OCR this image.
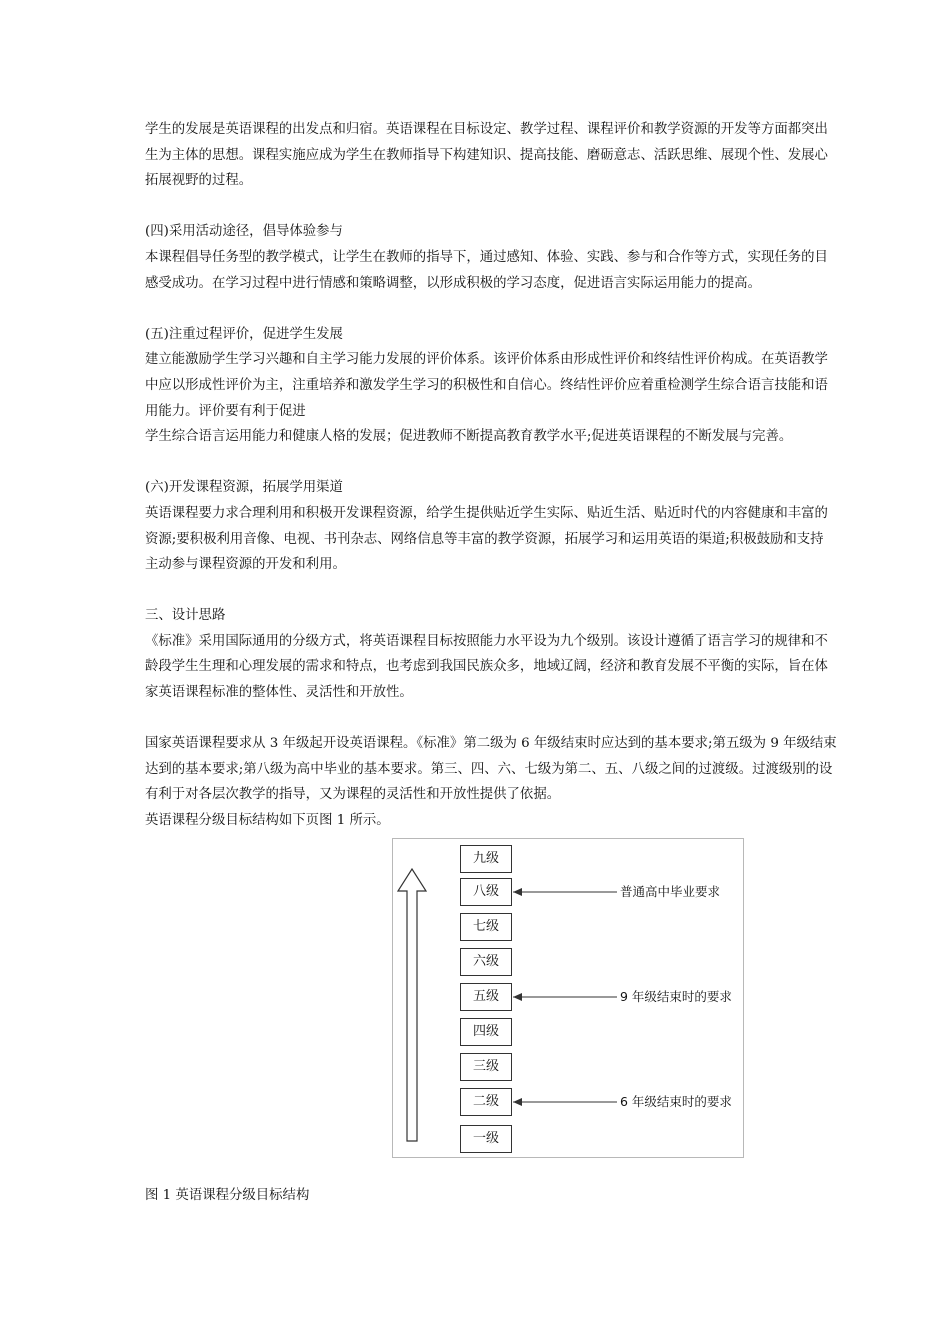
学生的发展是英语课程的出发点和归宿。英语课程在目标设定、教学过程、课程评价和教学资源的开发等方面都突出

生为主体的思想。课程实施应成为学生在教师指导下构建知识、提高技能、磨砺意志、活跃思维、展现个性、发展心

拓展视野的过程。

(四)采用活动途径，倡导体验参与

本课程倡导任务型的教学模式，让学生在教师的指导下，通过感知、体验、实践、参与和合作等方式，实现任务的目

感受成功。在学习过程中进行情感和策略调整，以形成积极的学习态度，促进语言实际运用能力的提高。

(五)注重过程评价，促进学生发展

建立能激励学生学习兴趣和自主学习能力发展的评价体系。该评价体系由形成性评价和终结性评价构成。在英语教学

中应以形成性评价为主，注重培养和激发学生学习的积极性和自信心。终结性评价应着重检测学生综合语言技能和语

用能力。评价要有利于促进

学生综合语言运用能力和健康人格的发展；促进教师不断提高教育教学水平;促进英语课程的不断发展与完善。

(六)开发课程资源，拓展学用渠道

英语课程要力求合理利用和积极开发课程资源，给学生提供贴近学生实际、贴近生活、贴近时代的内容健康和丰富的

资源;要积极利用音像、电视、书刊杂志、网络信息等丰富的教学资源，拓展学习和运用英语的渠道;积极鼓励和支持

主动参与课程资源的开发和利用。

三、设计思路

《标准》采用国际通用的分级方式，将英语课程目标按照能力水平设为九个级别。该设计遵循了语言学习的规律和不

龄段学生生理和心理发展的需求和特点，也考虑到我国民族众多，地域辽阔，经济和教育发展不平衡的实际，旨在体

家英语课程标准的整体性、灵活性和开放性。

国家英语课程要求从 3 年级起开设英语课程。《标准》第二级为 6 年级结束时应达到的基本要求;第五级为 9 年级结束

达到的基本要求;第八级为高中毕业的基本要求。第三、四、六、七级为第二、五、八级之间的过渡级。过渡级别的设

有利于对各层次教学的指导，又为课程的灵活性和开放性提供了依据。

英语课程分级目标结构如下页图 1 所示。

九级
八级
七级
六级
五级
四级
三级
二级
一级
普通高中毕业要求
9 年级结束时的要求
6 年级结束时的要求
图 1 英语课程分级目标结构
